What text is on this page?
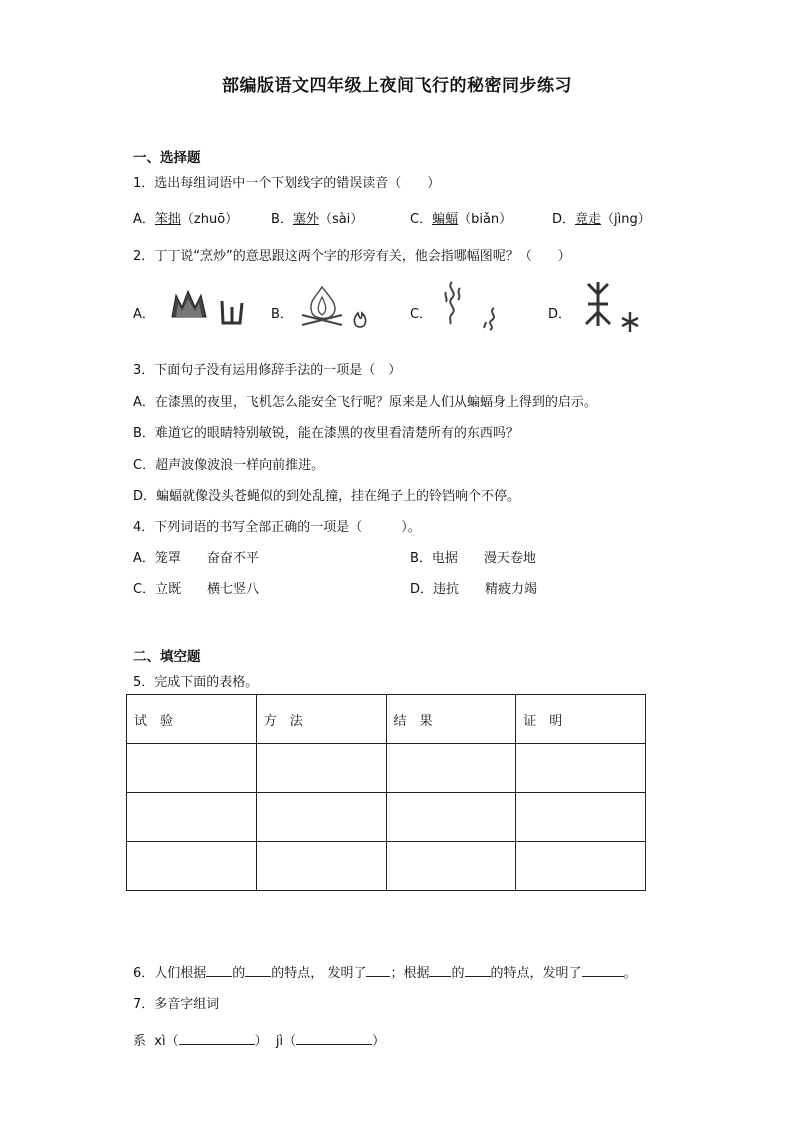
部编版语文四年级上夜间飞行的秘密同步练习
一、选择题
1．选出每组词语中一个下划线字的错误读音（　　）
A．笨拙（zhuō）	B．塞外（sài）	C．蝙蝠（biǎn）	D．竟走（jìng）
2．丁丁说“烹炒”的意思跟这两个字的形旁有关，他会指哪幅图呢？（　　）
A．	B．	C．	D．
3．下面句子没有运用修辞手法的一项是（　）
A．在漆黑的夜里，飞机怎么能安全飞行呢？原来是人们从蝙蝠身上得到的启示。
B．难道它的眼睛特别敏锐，能在漆黑的夜里看清楚所有的东西吗？
C．超声波像波浪一样向前推进。
D．蝙蝠就像没头苍蝇似的到处乱撞，挂在绳子上的铃铛响个不停。
4．下列词语的书写全部正确的一项是（　　　）。
A．笼罩　　奋奋不平	B．电据　　漫天卷地
C．立既　　横七竖八	D．违抗　　精疲力竭
二、填空题
5．完成下面的表格。
试　验	方　法	结　果	证　明

6．人们根据 的 的特点， 发明了 ；根据 的 的特点，发明了	。
7．多音字组词
系 xì（	） jì（	）
